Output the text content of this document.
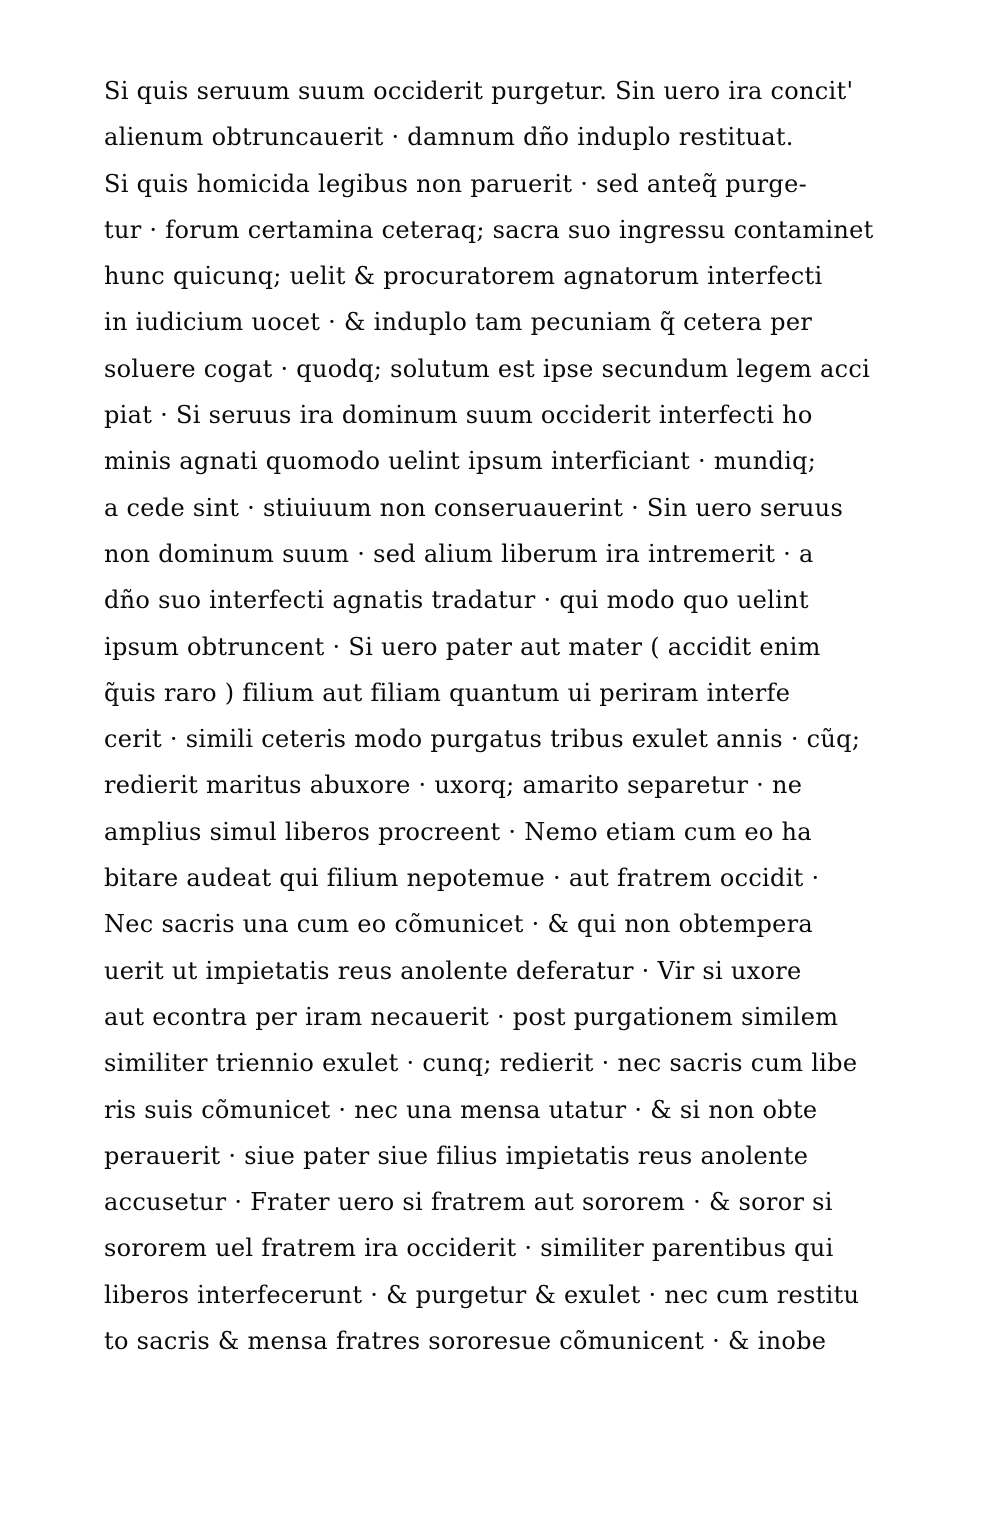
Si quis seruum suum occiderit purgetur. Sin uero ira concit'
alienum obtruncauerit · damnum dño induplo restituat.
Si quis homicida legibus non paruerit · sed anteq̃ purge-
tur · forum certamina ceteraq; sacra suo ingressu contaminet
hunc quicunq; uelit & procuratorem agnatorum interfecti
in iudicium uocet · & induplo tam pecuniam q̃ cetera per
soluere cogat · quodq; solutum est ipse secundum legem acci
piat · Si seruus ira dominum suum occiderit interfecti ho
minis agnati quomodo uelint ipsum interficiant · mundiq;
a cede sint · stiuiuum non conseruauerint · Sin uero seruus
non dominum suum · sed alium liberum ira intremerit · a
dño suo interfecti agnatis tradatur · qui modo quo uelint
ipsum obtruncent · Si uero pater aut mater ( accidit enim
q̃uis raro ) filium aut filiam quantum ui periram interfe
cerit · simili ceteris modo purgatus tribus exulet annis · cũq;
redierit maritus abuxore · uxorq; amarito separetur · ne
amplius simul liberos procreent · Nemo etiam cum eo ha
bitare audeat qui filium nepotemue · aut fratrem occidit ·
Nec sacris una cum eo cõmunicet · & qui non obtempera
uerit ut impietatis reus anolente deferatur · Vir si uxore
aut econtra per iram necauerit · post purgationem similem
similiter triennio exulet · cunq; redierit · nec sacris cum libe
ris suis cõmunicet · nec una mensa utatur · & si non obte
perauerit · siue pater siue filius impietatis reus anolente
accusetur · Frater uero si fratrem aut sororem · & soror si
sororem uel fratrem ira occiderit · similiter parentibus qui
liberos interfecerunt · & purgetur & exulet · nec cum restitu
to sacris & mensa fratres sororesue cõmunicent · & inobe
